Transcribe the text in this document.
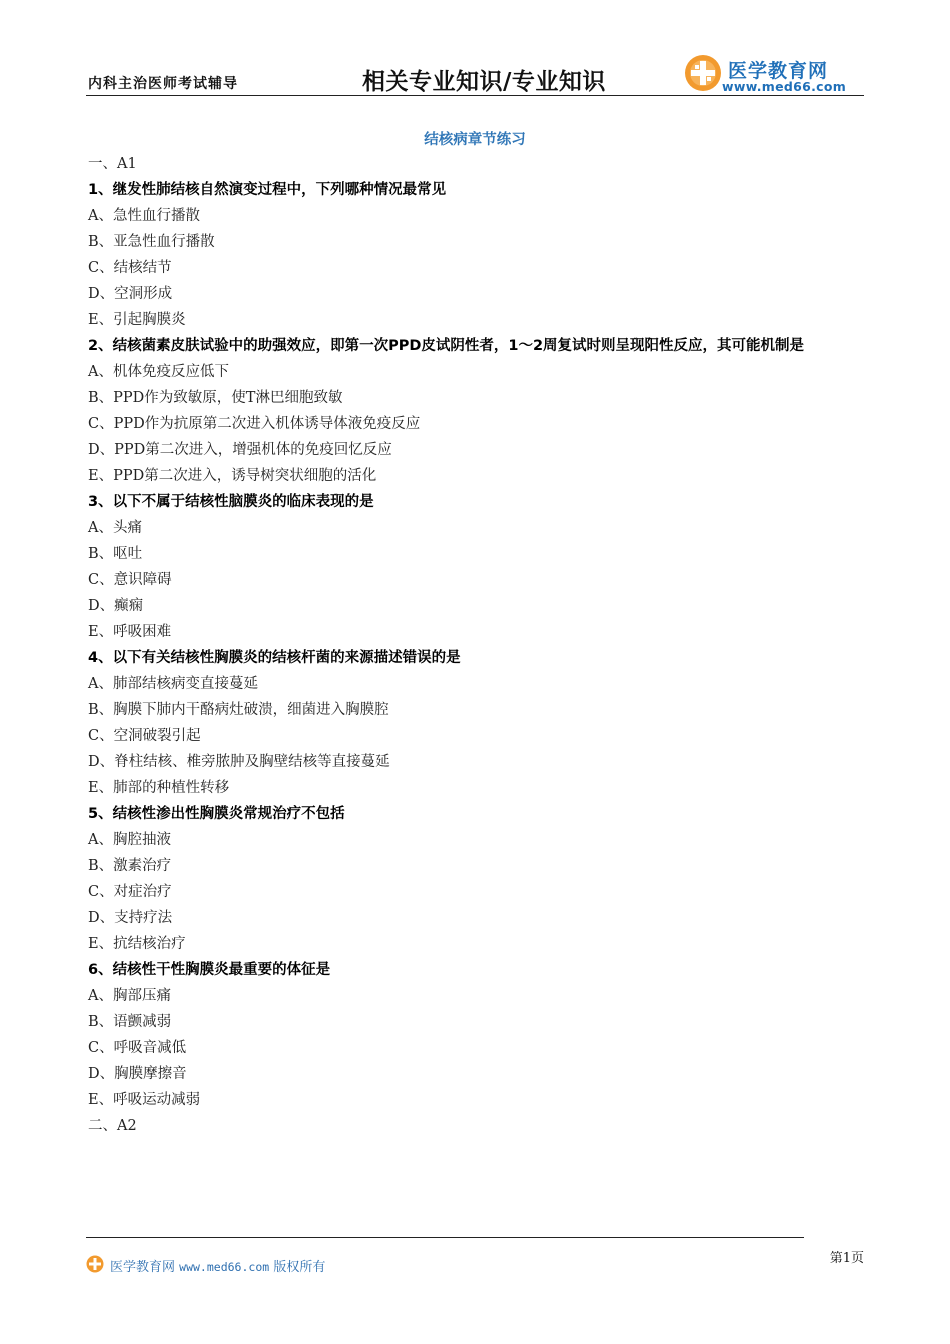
内科主治医师考试辅导	相关专业知识/专业知识	医学教育网
www.med66.com
结核病章节练习
一、A1
1、继发性肺结核自然演变过程中，下列哪种情况最常见
A、急性血行播散
B、亚急性血行播散
C、结核结节
D、空洞形成
E、引起胸膜炎
2、结核菌素皮肤试验中的助强效应，即第一次PPD皮试阴性者，1～2周复试时则呈现阳性反应，其可能机制是
A、机体免疫反应低下
B、PPD作为致敏原，使T淋巴细胞致敏
C、PPD作为抗原第二次进入机体诱导体液免疫反应
D、PPD第二次进入，增强机体的免疫回忆反应
E、PPD第二次进入，诱导树突状细胞的活化
3、以下不属于结核性脑膜炎的临床表现的是
A、头痛
B、呕吐
C、意识障碍
D、癫痫
E、呼吸困难
4、以下有关结核性胸膜炎的结核杆菌的来源描述错误的是
A、肺部结核病变直接蔓延
B、胸膜下肺内干酪病灶破溃，细菌进入胸膜腔
C、空洞破裂引起
D、脊柱结核、椎旁脓肿及胸壁结核等直接蔓延
E、肺部的种植性转移
5、结核性渗出性胸膜炎常规治疗不包括
A、胸腔抽液
B、激素治疗
C、对症治疗
D、支持疗法
E、抗结核治疗
6、结核性干性胸膜炎最重要的体征是
A、胸部压痛
B、语颤减弱
C、呼吸音减低
D、胸膜摩擦音
E、呼吸运动减弱
二、A2
医学教育网 www.med66.com 版权所有
第1页
